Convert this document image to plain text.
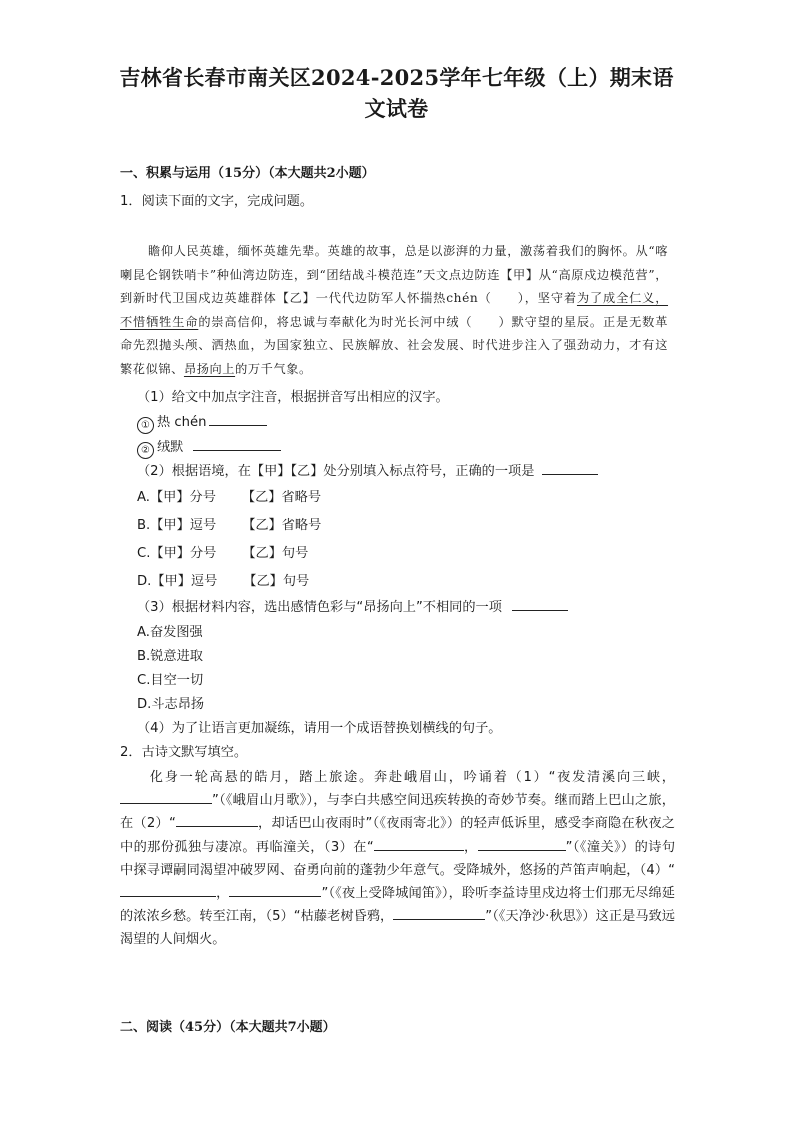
吉林省长春市南关区2024-2025学年七年级（上）期末语
文试卷
一、积累与运用（15分）（本大题共2小题）
1．阅读下面的文字，完成问题。
瞻仰人民英雄，缅怀英雄先辈。英雄的故事，总是以澎湃的力量，激荡着我们的胸怀。从“喀喇昆仑钢铁哨卡”种仙湾边防连，到“团结战斗模范连”天文点边防连【甲】从“高原戍边模范营”，到新时代卫国戍边英雄群体【乙】一代代边防军人怀揣热chén（　　），坚守着为了成全仁义，不惜牺牲生命的崇高信仰，将忠诚与奉献化为时光长河中绒（　　）默守望的星辰。正是无数革命先烈抛头颅、洒热血，为国家独立、民族解放、社会发展、时代进步注入了强劲动力，才有这繁花似锦、昂扬向上的万千气象。
（1）给文中加点字注音，根据拼音写出相应的汉字。
① 热 chén
② 绒默
（2）根据语境，在【甲】【乙】处分别填入标点符号，正确的一项是
A.【甲】分号 【乙】省略号
B.【甲】逗号 【乙】省略号
C.【甲】分号 【乙】句号
D.【甲】逗号 【乙】句号
（3）根据材料内容，选出感情色彩与“昂扬向上”不相同的一项
A.奋发图强
B.锐意进取
C.目空一切
D.斗志昂扬
（4）为了让语言更加凝练，请用一个成语替换划横线的句子。
2．古诗文默写填空。
化身一轮高悬的皓月，踏上旅途。奔赴峨眉山，吟诵着（1）“夜发清溪向三峡，”（《峨眉山月歌》），与李白共感空间迅疾转换的奇妙节奏。继而踏上巴山之旅，在（2）“	，却话巴山夜雨时”（《夜雨寄北》）的轻声低诉里，感受李商隐在秋夜之中的那份孤独与凄凉。再临潼关，（3）在“	，	”（《潼关》）的诗句中探寻谭嗣同渴望冲破罗网、奋勇向前的蓬勃少年意气。受降城外，悠扬的芦笛声响起，（4）“，	”（《夜上受降城闻笛》），聆听李益诗里戍边将士们那无尽绵延的浓浓乡愁。转至江南，（5）“枯藤老树昏鸦，	”（《天净沙·秋思》）这正是马致远渴望的人间烟火。
二、阅读（45分）（本大题共7小题）
